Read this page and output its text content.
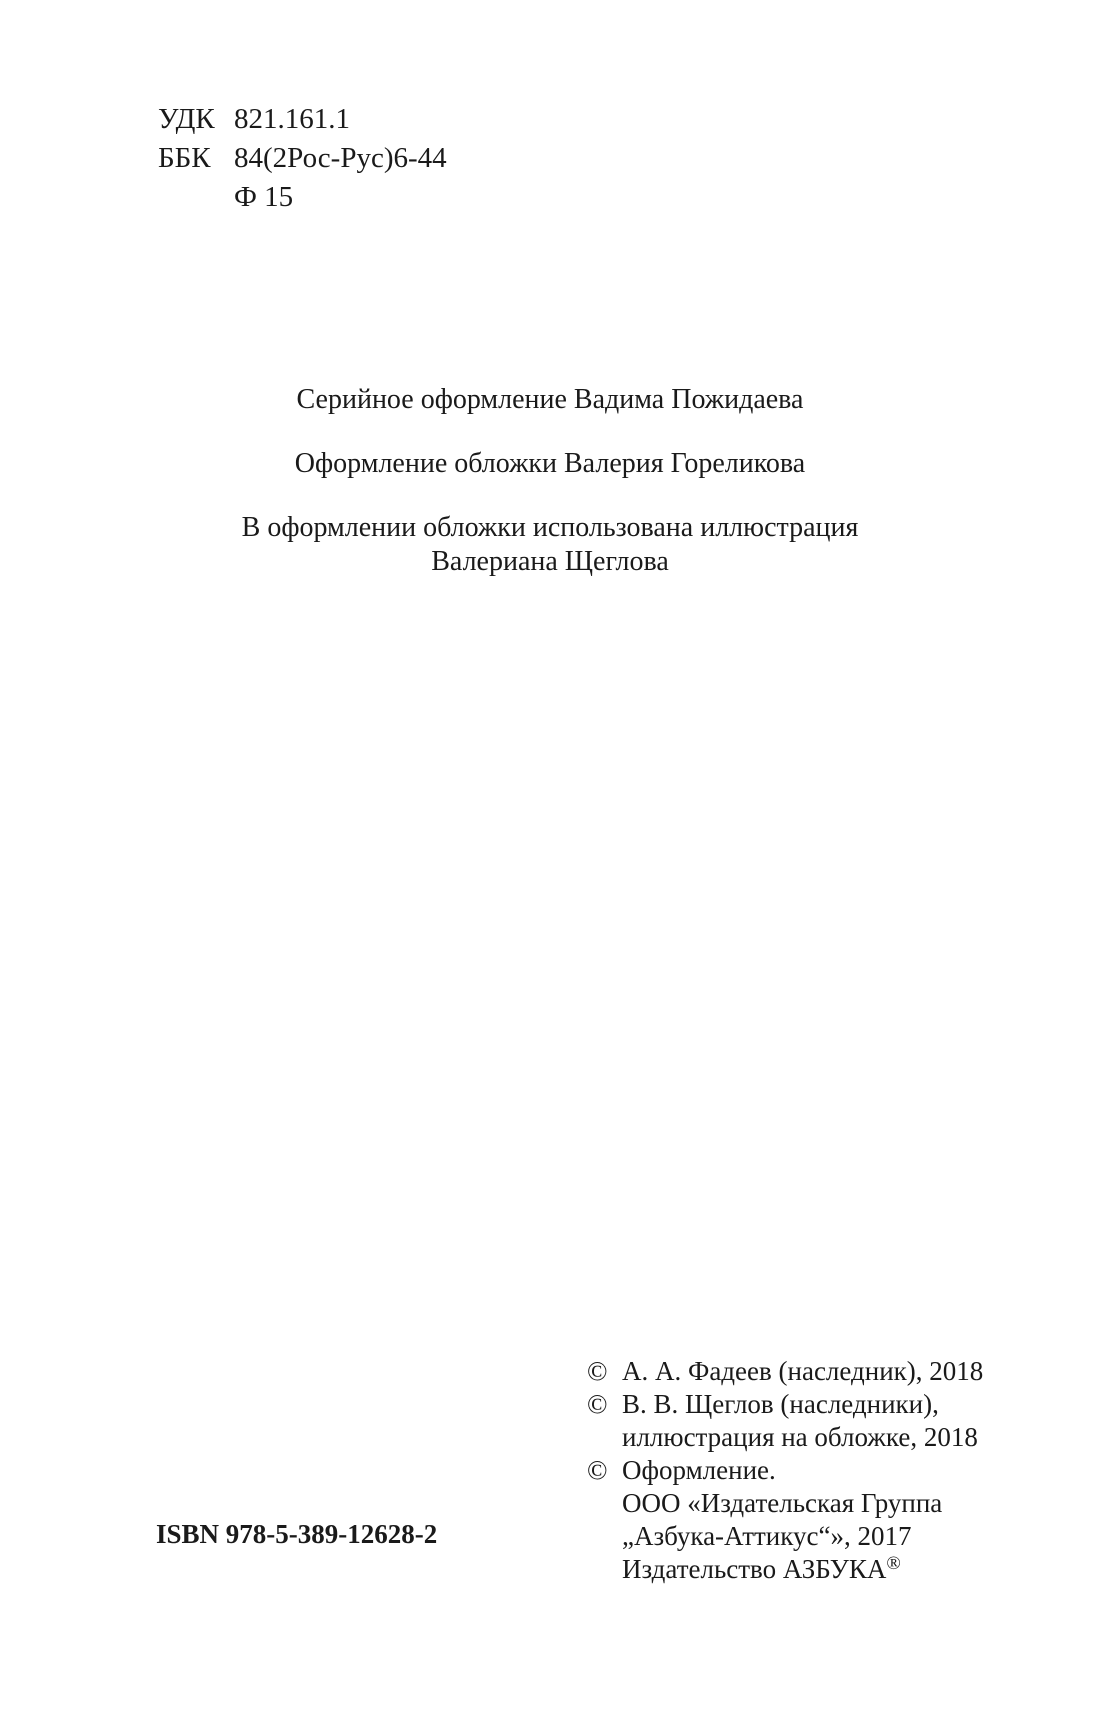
УДК 821.161.1
ББК 84(2Рос-Рус)6-44
Ф 15

Серийное оформление Вадима Пожидаева

Оформление обложки Валерия Гореликова

В оформлении обложки использована иллюстрация
Валериана Щеглова

© А. А. Фадеев (наследник), 2018
© В. В. Щеглов (наследники),
иллюстрация на обложке, 2018
© Оформление.
ООО «Издательская Группа
„Азбука-Аттикус“», 2017
Издательство АЗБУКА®
ISBN 978-5-389-12628-2
